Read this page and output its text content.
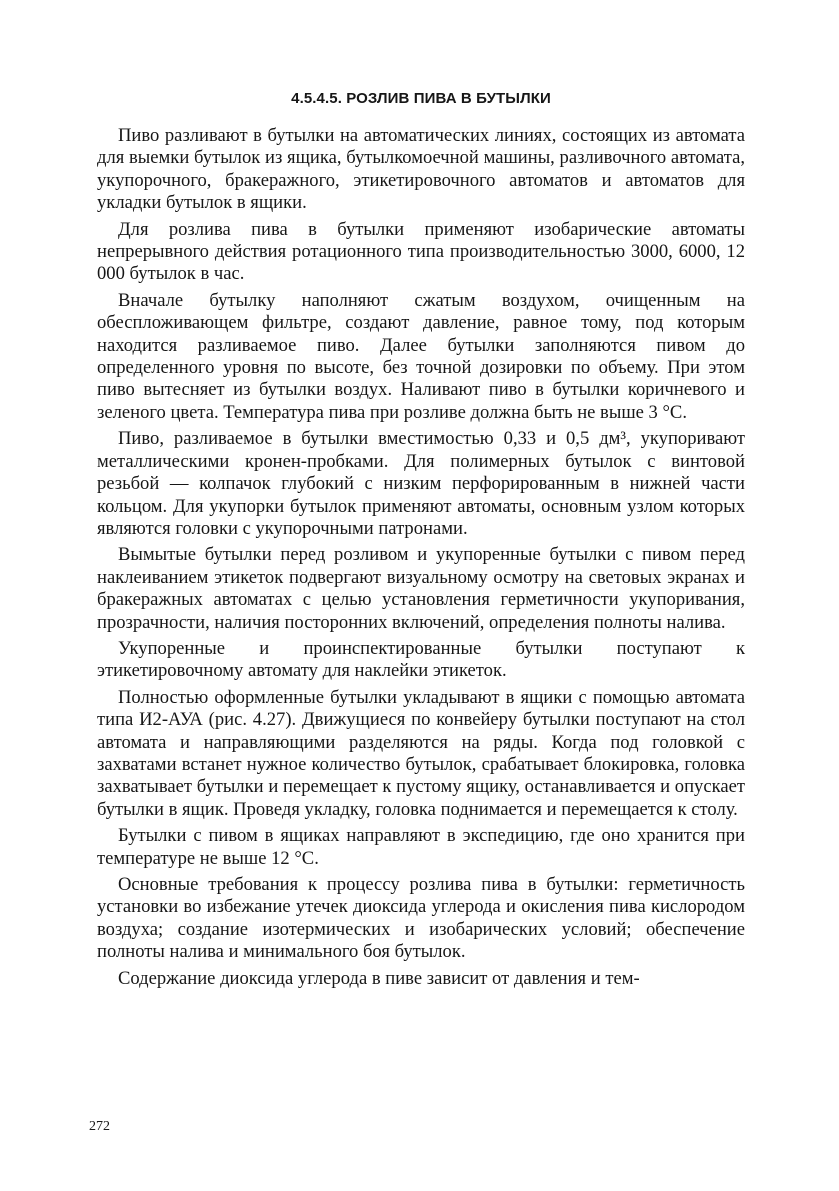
4.5.4.5. РОЗЛИВ ПИВА В БУТЫЛКИ

Пиво разливают в бутылки на автоматических линиях, состоящих из автомата для выемки бутылок из ящика, бутылкомоечной машины, разливочного автомата, укупорочного, бракеражного, этикетировочного автоматов и автоматов для укладки бутылок в ящики.

Для розлива пива в бутылки применяют изобарические автоматы непрерывного действия ротационного типа производительностью 3000, 6000, 12 000 бутылок в час.

Вначале бутылку наполняют сжатым воздухом, очищенным на обеспложивающем фильтре, создают давление, равное тому, под которым находится разливаемое пиво. Далее бутылки заполняются пивом до определенного уровня по высоте, без точной дозировки по объему. При этом пиво вытесняет из бутылки воздух. Наливают пиво в бутылки коричневого и зеленого цвета. Температура пива при розливе должна быть не выше 3 °С.

Пиво, разливаемое в бутылки вместимостью 0,33 и 0,5 дм³, укупоривают металлическими кронен-пробками. Для полимерных бутылок с винтовой резьбой — колпачок глубокий с низким перфорированным в нижней части кольцом. Для укупорки бутылок применяют автоматы, основным узлом которых являются головки с укупорочными патронами.

Вымытые бутылки перед розливом и укупоренные бутылки с пивом перед наклеиванием этикеток подвергают визуальному осмотру на световых экранах и бракеражных автоматах с целью установления герметичности укупоривания, прозрачности, наличия посторонних включений, определения полноты налива.

Укупоренные и проинспектированные бутылки поступают к этикетировочному автомату для наклейки этикеток.

Полностью оформленные бутылки укладывают в ящики с помощью автомата типа И2-АУА (рис. 4.27). Движущиеся по конвейеру бутылки поступают на стол автомата и направляющими разделяются на ряды. Когда под головкой с захватами встанет нужное количество бутылок, срабатывает блокировка, головка захватывает бутылки и перемещает к пустому ящику, останавливается и опускает бутылки в ящик. Проведя укладку, головка поднимается и перемещается к столу.

Бутылки с пивом в ящиках направляют в экспедицию, где оно хранится при температуре не выше 12 °С.

Основные требования к процессу розлива пива в бутылки: герметичность установки во избежание утечек диоксида углерода и окисления пива кислородом воздуха; создание изотермических и изобарических условий; обеспечение полноты налива и минимального боя бутылок.

Содержание диоксида углерода в пиве зависит от давления и тем-

272
